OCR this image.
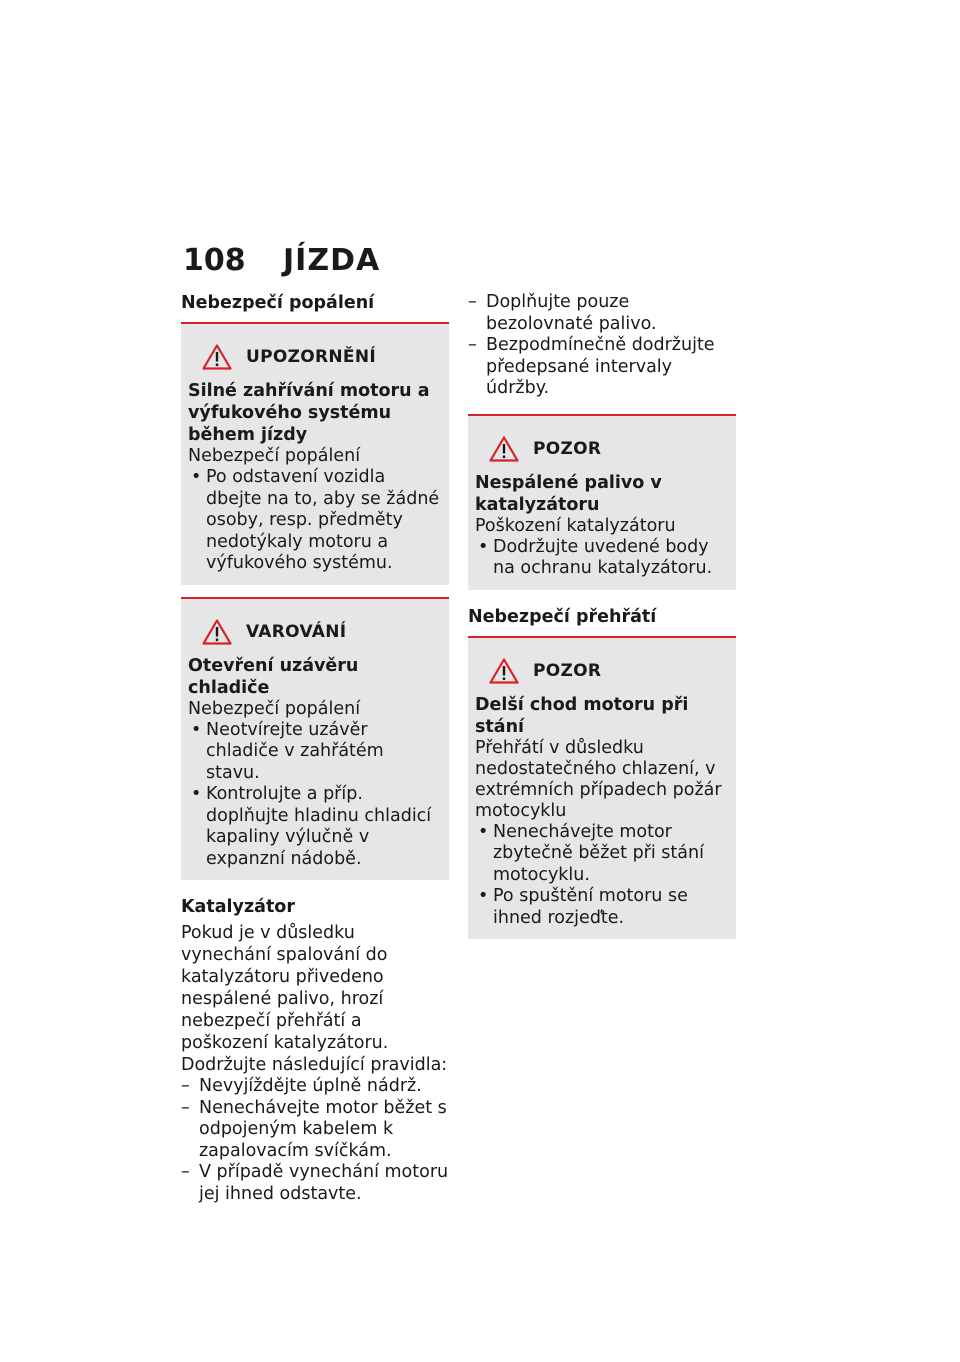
108	JÍZDA
Nebezpečí popálení
UPOZORNĚNÍ
Silné zahřívání motoru a výfukového systému během jízdy
Nebezpečí popálení
• Po odstavení vozidla dbejte na to, aby se žádné osoby, resp. předměty nedotýkaly motoru a výfukového systému.
VAROVÁNÍ
Otevření uzávěru chladiče
Nebezpečí popálení
• Neotvírejte uzávěr chladiče v zahřátém stavu.
• Kontrolujte a příp. doplňujte hladinu chladicí kapaliny výlučně v expanzní nádobě.
Katalyzátor
Pokud je v důsledku vynechání spalování do katalyzátoru přivedeno nespálené palivo, hrozí nebezpečí přehřátí a poškození katalyzátoru.
Dodržujte následující pravidla:
– Nevyjíždějte úplně nádrž.
– Nenechávejte motor běžet s odpojeným kabelem k zapalovacím svíčkám.
– V případě vynechání motoru jej ihned odstavte.
– Doplňujte pouze bezolovnaté palivo.
– Bezpodmínečně dodržujte předepsané intervaly údržby.
POZOR
Nespálené palivo v katalyzátoru
Poškození katalyzátoru
• Dodržujte uvedené body na ochranu katalyzátoru.
Nebezpečí přehřátí
POZOR
Delší chod motoru při stání
Přehřátí v důsledku nedostatečného chlazení, v extrémních případech požár motocyklu
• Nenechávejte motor zbytečně běžet při stání motocyklu.
• Po spuštění motoru se ihned rozjeďte.
